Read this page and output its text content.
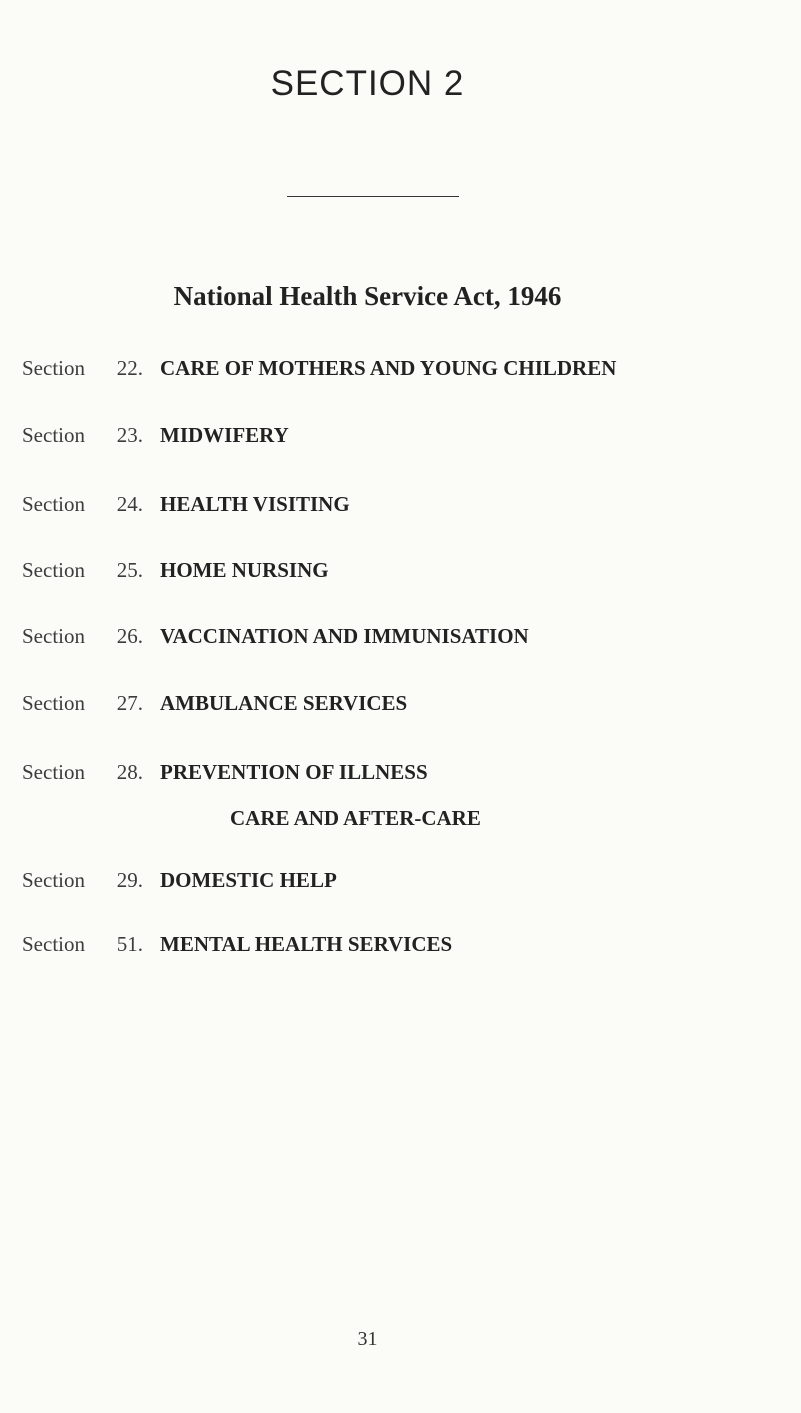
SECTION 2
National Health Service Act, 1946
Section	22. CARE OF MOTHERS AND YOUNG CHILDREN
Section	23. MIDWIFERY
Section	24. HEALTH VISITING
Section	25. HOME NURSING
Section	26. VACCINATION AND IMMUNISATION
Section	27. AMBULANCE SERVICES
Section	28. PREVENTION OF ILLNESS
CARE AND AFTER-CARE
Section	29. DOMESTIC HELP
Section	51. MENTAL HEALTH SERVICES
31
